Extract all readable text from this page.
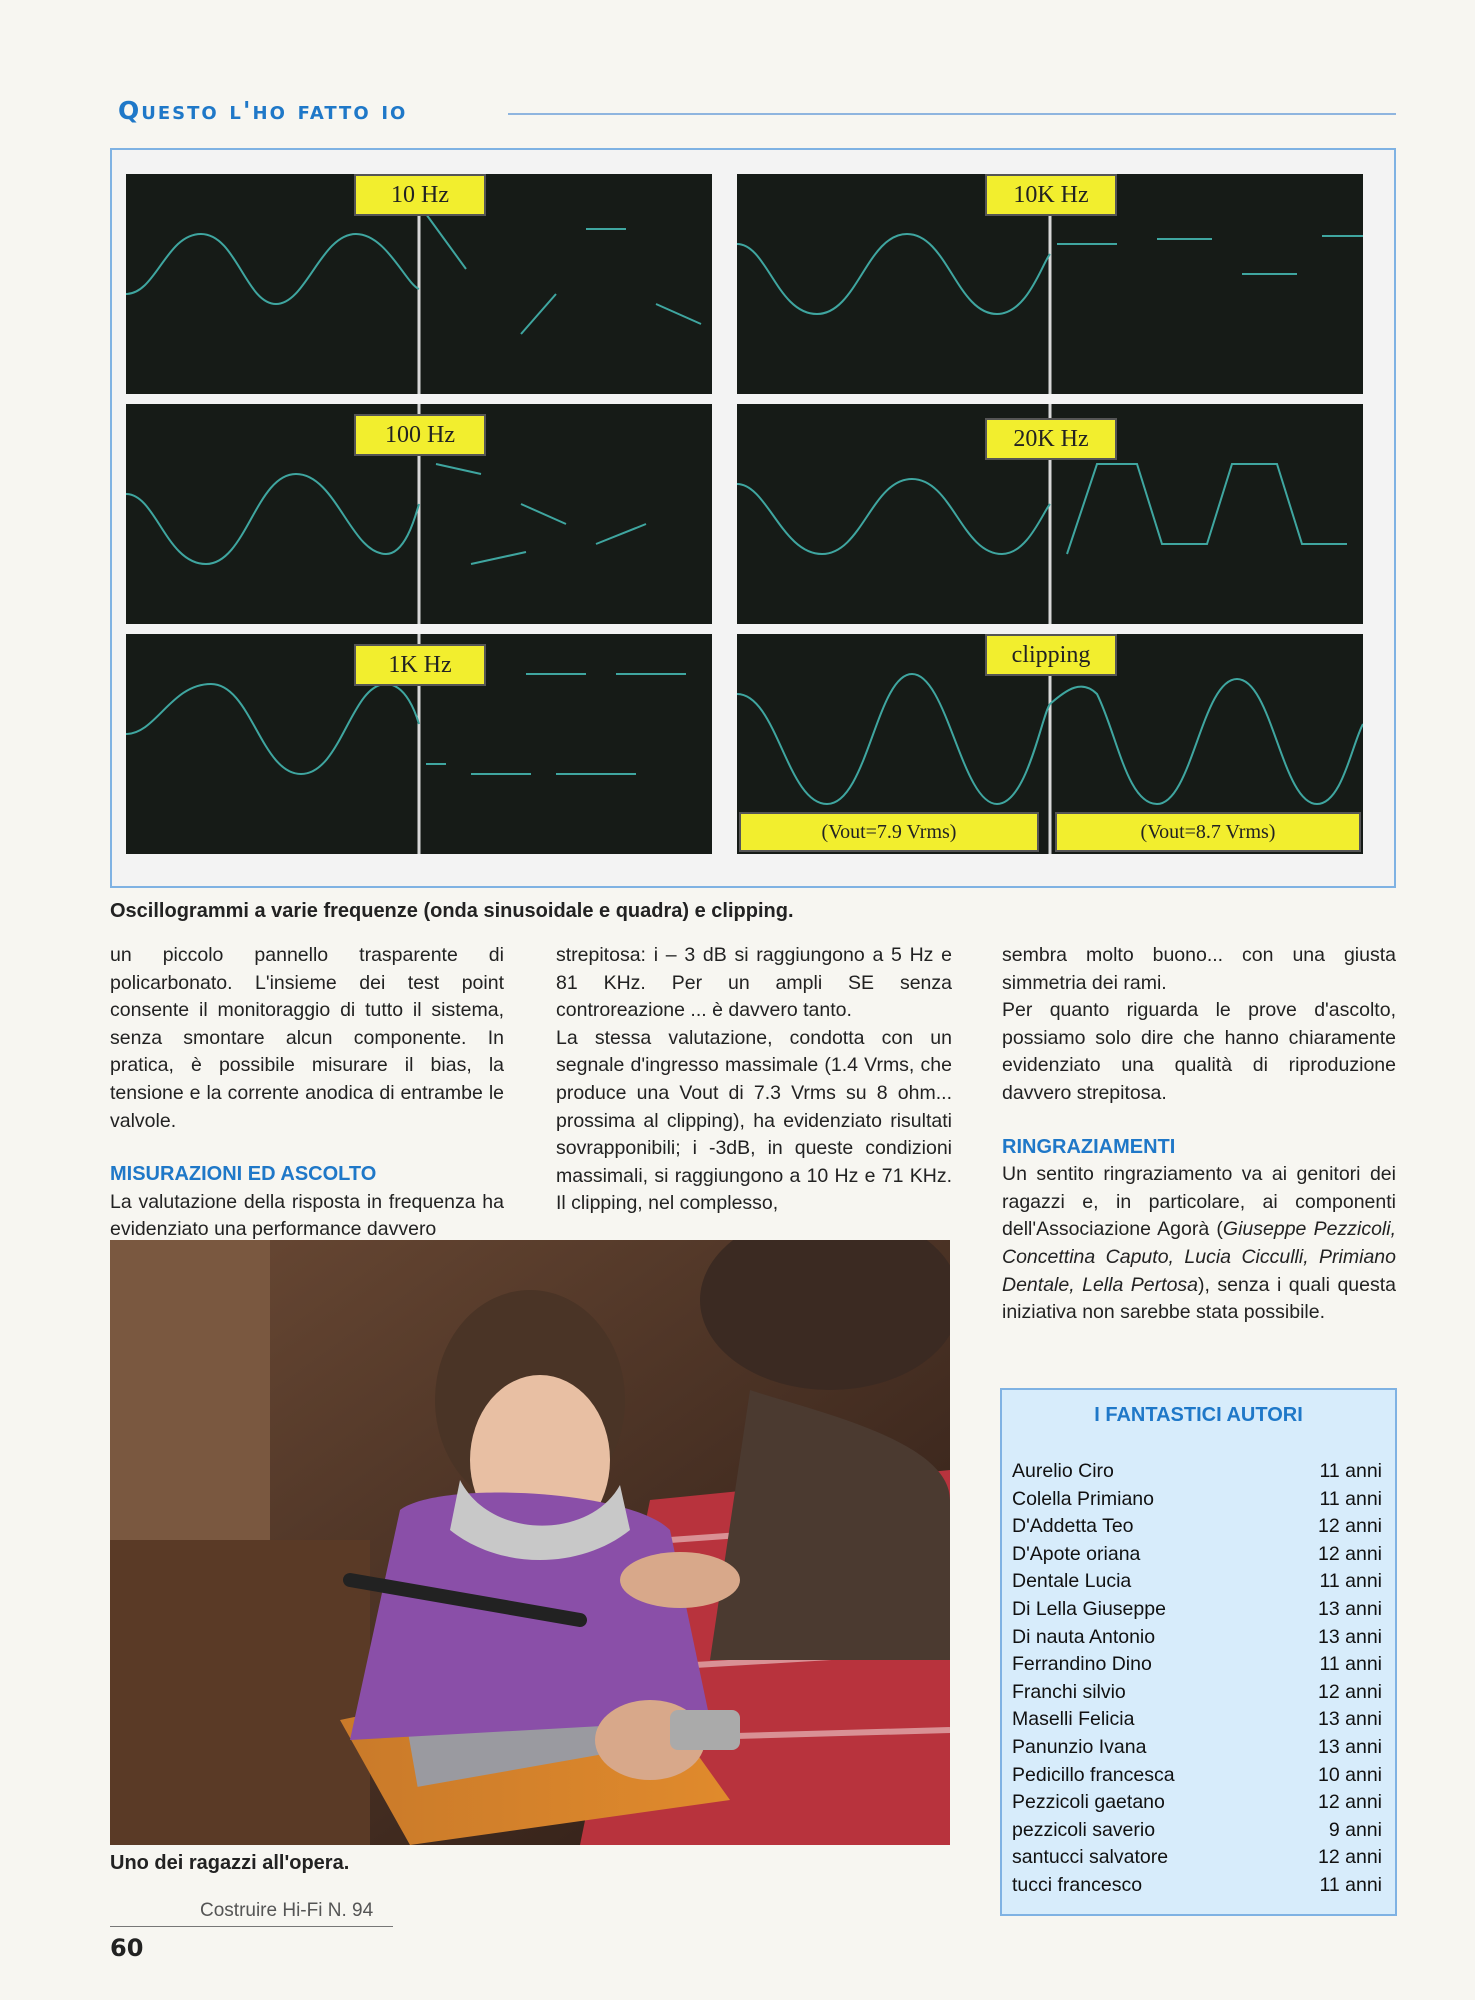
Questo l'ho fatto io
10 Hz	10K Hz
100 Hz	20K Hz
1K Hz	clipping
(Vout=7.9 Vrms)	(Vout=8.7 Vrms)
Oscillogrammi a varie frequenze (onda sinusoidale e quadra) e clipping.

un piccolo pannello trasparente di policarbonato. L'insieme dei test point consente il monitoraggio di tutto il sistema, senza smontare alcun componente. In pratica, è possibile misurare il bias, la tensione e la corrente anodica di entrambe le valvole.

MISURAZIONI ED ASCOLTO

La valutazione della risposta in frequenza ha evidenziato una performance davvero

strepitosa: i – 3 dB si raggiungono a 5 Hz e 81 KHz. Per un ampli SE senza controreazione ... è davvero tanto.

La stessa valutazione, condotta con un segnale d'ingresso massimale (1.4 Vrms, che produce una Vout di 7.3 Vrms su 8 ohm... prossima al clipping), ha evidenziato risultati sovrapponibili; i -3dB, in queste condizioni massimali, si raggiungono a 10 Hz e 71 KHz. Il clipping, nel complesso,

sembra molto buono... con una giusta simmetria dei rami.

Per quanto riguarda le prove d'ascolto, possiamo solo dire che hanno chiaramente evidenziato una qualità di riproduzione davvero strepitosa.

RINGRAZIAMENTI

Un sentito ringraziamento va ai genitori dei ragazzi e, in particolare, ai componenti dell'Associazione Agorà (Giuseppe Pezzicoli, Concettina Caputo, Lucia Cicculli, Primiano Dentale, Lella Pertosa), senza i quali questa iniziativa non sarebbe stata possibile.

Uno dei ragazzi all'opera.
I FANTASTICI AUTORI
Aurelio Ciro	11 anni
Colella Primiano	11 anni
D'Addetta Teo	12 anni
D'Apote oriana	12 anni
Dentale Lucia	11 anni
Di Lella Giuseppe	13 anni
Di nauta Antonio	13 anni
Ferrandino Dino	11 anni
Franchi silvio	12 anni
Maselli Felicia	13 anni
Panunzio Ivana	13 anni
Pedicillo francesca	10 anni
Pezzicoli gaetano	12 anni
pezzicoli saverio	9 anni
santucci salvatore	12 anni
tucci francesco	11 anni
Costruire Hi-Fi N. 94
60
